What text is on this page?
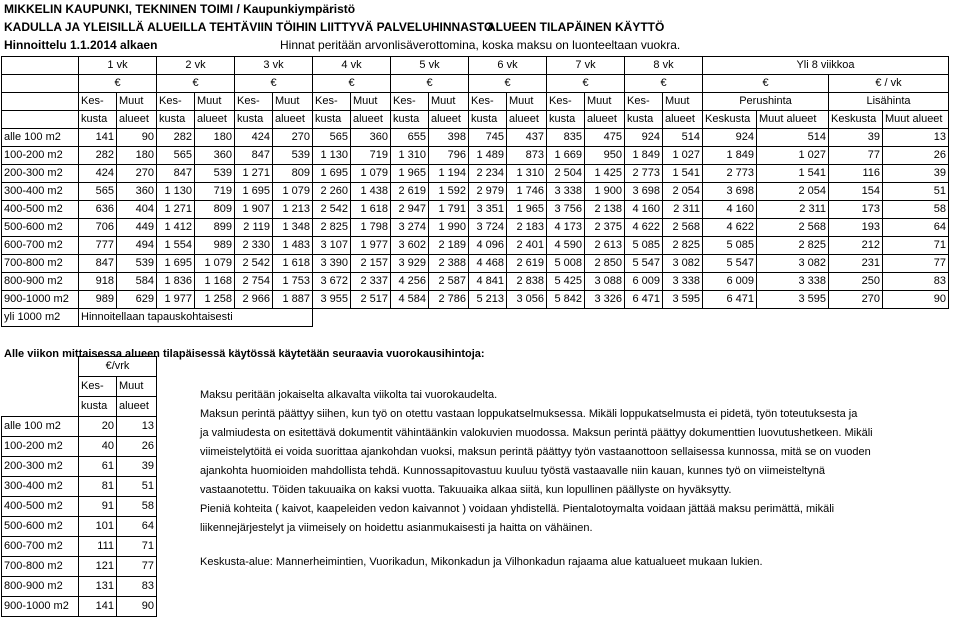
MIKKELIN KAUPUNKI, TEKNINEN TOIMI / Kaupunkiympäristö
KADULLA JA YLEISILLÄ ALUEILLA TEHTÄVIIN TÖIHIN LIITTYVÄ PALVELUHINNASTO
ALUEEN TILAPÄINEN KÄYTTÖ
Hinnoittelu 1.1.2014 alkaen	Hinnat peritään arvonlisäverottomina, koska maksu on luonteeltaan vuokra.
	1 vk		2 vk		3 vk		4 vk		5 vk		6 vk		7 vk		8 vk		Yli 8 viikkoa			
	€		€		€		€		€		€		€		€		€		€ / vk	
	Kes-	Muut	Kes-	Muut	Kes-	Muut	Kes-	Muut	Kes-	Muut	Kes-	Muut	Kes-	Muut	Kes-	Muut	Perushinta		Lisähinta	
	kusta	alueet	kusta	alueet	kusta	alueet	kusta	alueet	kusta	alueet	kusta	alueet	kusta	alueet	kusta	alueet	Keskusta	Muut alueet	Keskusta	Muut alueet
alle 100 m2	141	90	282	180	424	270	565	360	655	398	745	437	835	475	924	514	924	514	39	13
100-200 m2	282	180	565	360	847	539	1 130	719	1 310	796	1 489	873	1 669	950	1 849	1 027	1 849	1 027	77	26
200-300 m2	424	270	847	539	1 271	809	1 695	1 079	1 965	1 194	2 234	1 310	2 504	1 425	2 773	1 541	2 773	1 541	116	39
300-400 m2	565	360	1 130	719	1 695	1 079	2 260	1 438	2 619	1 592	2 979	1 746	3 338	1 900	3 698	2 054	3 698	2 054	154	51
400-500 m2	636	404	1 271	809	1 907	1 213	2 542	1 618	2 947	1 791	3 351	1 965	3 756	2 138	4 160	2 311	4 160	2 311	173	58
500-600 m2	706	449	1 412	899	2 119	1 348	2 825	1 798	3 274	1 990	3 724	2 183	4 173	2 375	4 622	2 568	4 622	2 568	193	64
600-700 m2	777	494	1 554	989	2 330	1 483	3 107	1 977	3 602	2 189	4 096	2 401	4 590	2 613	5 085	2 825	5 085	2 825	212	71
700-800 m2	847	539	1 695	1 079	2 542	1 618	3 390	2 157	3 929	2 388	4 468	2 619	5 008	2 850	5 547	3 082	5 547	3 082	231	77
800-900 m2	918	584	1 836	1 168	2 754	1 753	3 672	2 337	4 256	2 587	4 841	2 838	5 425	3 088	6 009	3 338	6 009	3 338	250	83
900-1000 m2	989	629	1 977	1 258	2 966	1 887	3 955	2 517	4 584	2 786	5 213	3 056	5 842	3 326	6 471	3 595	6 471	3 595	270	90
yli 1000 m2	Hinnoitellaan tapauskohtaisesti																			
Alle viikon mittaisessa alueen tilapäisessä käytössä käytetään seuraavia vuorokausihintoja:
	€/vrk	
	Kes-	Muut
	kusta	alueet
alle 100 m2	20	13
100-200 m2	40	26
200-300 m2	61	39
300-400 m2	81	51
400-500 m2	91	58
500-600 m2	101	64
600-700 m2	111	71
700-800 m2	121	77
800-900 m2	131	83
900-1000 m2	141	90
Maksu peritään jokaiselta alkavalta viikolta tai vuorokaudelta.
Maksun perintä päättyy siihen, kun työ on otettu vastaan loppukatselmuksessa. Mikäli loppukatselmusta ei pidetä, työn toteutuksesta ja
ja valmiudesta on esitettävä dokumentit vähintäänkin valokuvien muodossa. Maksun perintä päättyy dokumenttien luovutushetkeen. Mikäli
viimeistelytöitä ei voida suorittaa ajankohdan vuoksi, maksun perintä päättyy työn vastaanottoon sellaisessa kunnossa, mitä se on vuoden
ajankohta huomioiden mahdollista tehdä. Kunnossapitovastuu kuuluu työstä vastaavalle niin kauan, kunnes työ on viimeisteltynä
vastaanotettu. Töiden takuuaika on kaksi vuotta. Takuuaika alkaa siitä, kun lopullinen päällyste on hyväksytty.
Pieniä kohteita ( kaivot, kaapeleiden vedon kaivannot ) voidaan yhdistellä. Pientalotoymalta voidaan jättää maksu perimättä, mikäli
liikennejärjestelyt ja viimeisely on hoidettu asianmukaisesti ja haitta on vähäinen.
Keskusta-alue: Mannerheimintien, Vuorikadun, Mikonkadun ja Vilhonkadun rajaama alue katualueet mukaan lukien.
